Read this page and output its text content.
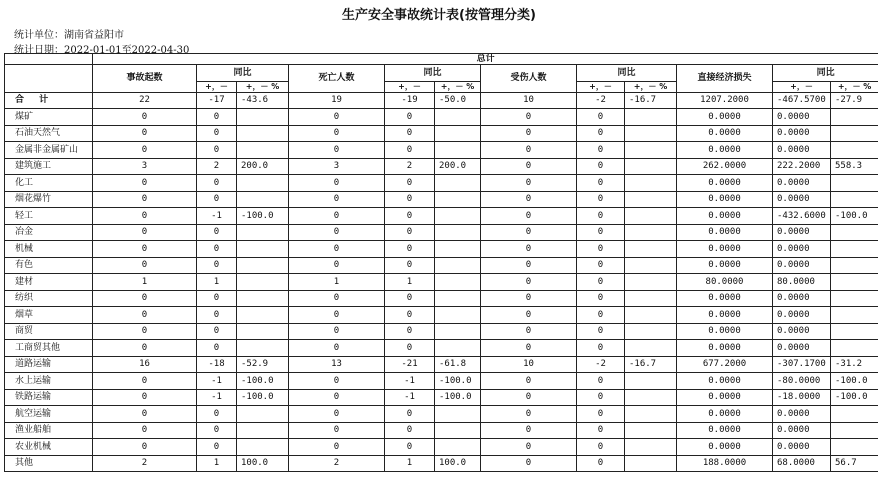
生产安全事故统计表(按管理分类)
统计单位：湖南省益阳市
统计日期：2022-01-01至2022-04-30
	总计											
	事故起数	同比		死亡人数	同比		受伤人数	同比		直接经济损失	同比	
		+，－	+，－ %		+，－	+，－ %		+，－	+，－ %		+，－	+，－ %
合 计	22	-17	-43.6	19	-19	-50.0	10	-2	-16.7	1207.2000	-467.5700	-27.9
煤矿	0	0		0	0		0	0		0.0000	0.0000	
石油天然气	0	0		0	0		0	0		0.0000	0.0000	
金属非金属矿山	0	0		0	0		0	0		0.0000	0.0000	
建筑施工	3	2	200.0	3	2	200.0	0	0		262.0000	222.2000	558.3
化工	0	0		0	0		0	0		0.0000	0.0000	
烟花爆竹	0	0		0	0		0	0		0.0000	0.0000	
轻工	0	-1	-100.0	0	0		0	0		0.0000	-432.6000	-100.0
冶金	0	0		0	0		0	0		0.0000	0.0000	
机械	0	0		0	0		0	0		0.0000	0.0000	
有色	0	0		0	0		0	0		0.0000	0.0000	
建材	1	1		1	1		0	0		80.0000	80.0000	
纺织	0	0		0	0		0	0		0.0000	0.0000	
烟草	0	0		0	0		0	0		0.0000	0.0000	
商贸	0	0		0	0		0	0		0.0000	0.0000	
工商贸其他	0	0		0	0		0	0		0.0000	0.0000	
道路运输	16	-18	-52.9	13	-21	-61.8	10	-2	-16.7	677.2000	-307.1700	-31.2
水上运输	0	-1	-100.0	0	-1	-100.0	0	0		0.0000	-80.0000	-100.0
铁路运输	0	-1	-100.0	0	-1	-100.0	0	0		0.0000	-18.0000	-100.0
航空运输	0	0		0	0		0	0		0.0000	0.0000	
渔业船舶	0	0		0	0		0	0		0.0000	0.0000	
农业机械	0	0		0	0		0	0		0.0000	0.0000	
其他	2	1	100.0	2	1	100.0	0	0		188.0000	68.0000	56.7
